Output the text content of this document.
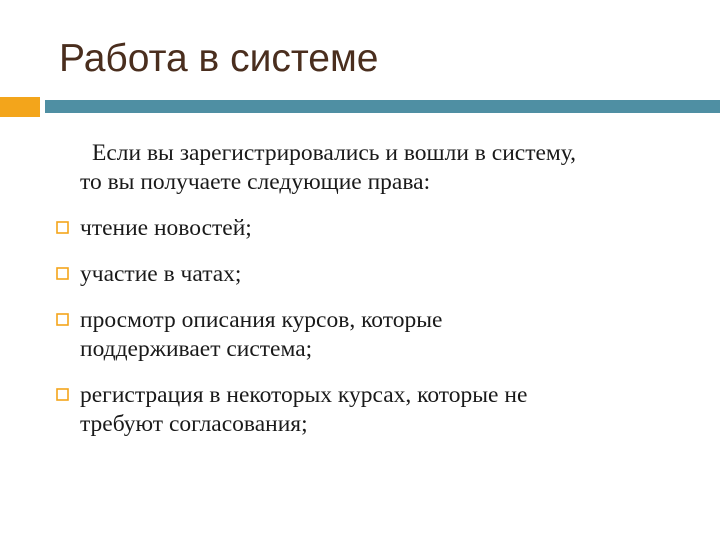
Работа в системе

Если вы зарегистрировались и вошли в систему,
то вы получаете следующие права:

чтение новостей;
участие в чатах;
просмотр описания курсов, которые
поддерживает система;
регистрация в некоторых курсах, которые не
требуют согласования;
